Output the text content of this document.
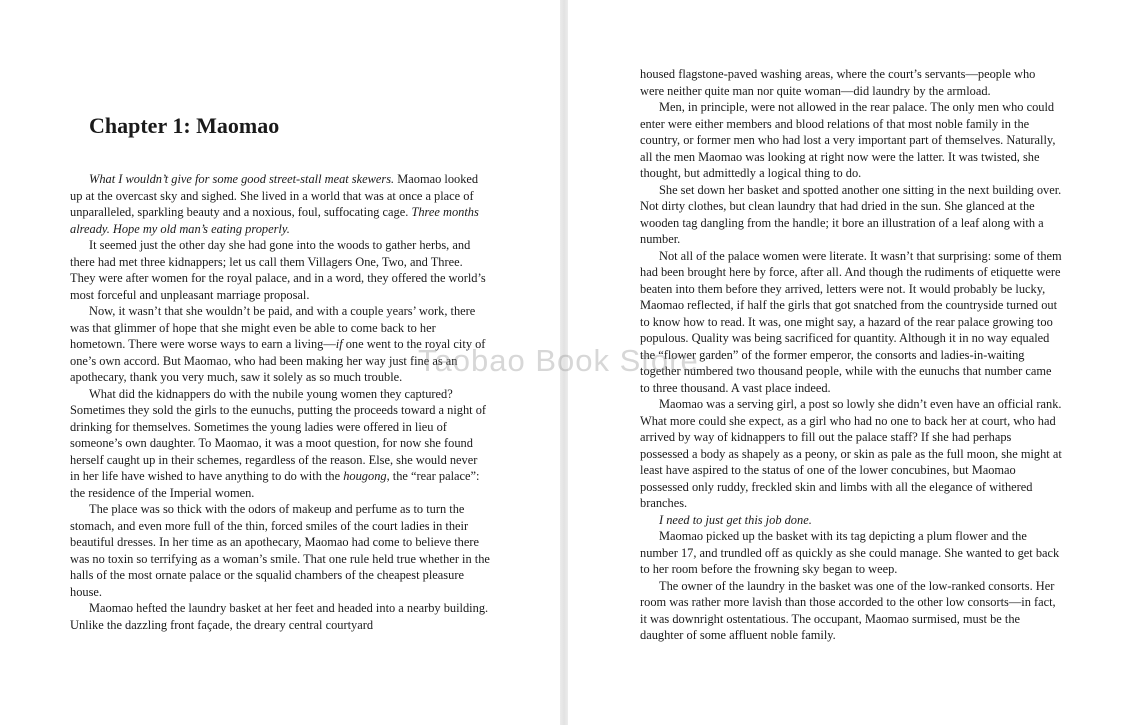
Chapter 1: Maomao

What I wouldn’t give for some good street-stall meat skewers. Maomao looked up at the overcast sky and sighed. She lived in a world that was at once a place of unparalleled, sparkling beauty and a noxious, foul, suffocating cage. Three months already. Hope my old man’s eating properly.

It seemed just the other day she had gone into the woods to gather herbs, and there had met three kidnappers; let us call them Villagers One, Two, and Three. They were after women for the royal palace, and in a word, they offered the world’s most forceful and unpleasant marriage proposal.

Now, it wasn’t that she wouldn’t be paid, and with a couple years’ work, there was that glimmer of hope that she might even be able to come back to her hometown. There were worse ways to earn a living—if one went to the royal city of one’s own accord. But Maomao, who had been making her way just fine as an apothecary, thank you very much, saw it solely as so much trouble.

What did the kidnappers do with the nubile young women they captured? Sometimes they sold the girls to the eunuchs, putting the proceeds toward a night of drinking for themselves. Sometimes the young ladies were offered in lieu of someone’s own daughter. To Maomao, it was a moot question, for now she found herself caught up in their schemes, regardless of the reason. Else, she would never in her life have wished to have anything to do with the hougong, the “rear palace”: the residence of the Imperial women.

The place was so thick with the odors of makeup and perfume as to turn the stomach, and even more full of the thin, forced smiles of the court ladies in their beautiful dresses. In her time as an apothecary, Maomao had come to believe there was no toxin so terrifying as a woman’s smile. That one rule held true whether in the halls of the most ornate palace or the squalid chambers of the cheapest pleasure house.

Maomao hefted the laundry basket at her feet and headed into a nearby building. Unlike the dazzling front façade, the dreary central courtyard

housed flagstone-paved washing areas, where the court’s servants—people who were neither quite man nor quite woman—did laundry by the armload.

Men, in principle, were not allowed in the rear palace. The only men who could enter were either members and blood relations of that most noble family in the country, or former men who had lost a very important part of themselves. Naturally, all the men Maomao was looking at right now were the latter. It was twisted, she thought, but admittedly a logical thing to do.

She set down her basket and spotted another one sitting in the next building over. Not dirty clothes, but clean laundry that had dried in the sun. She glanced at the wooden tag dangling from the handle; it bore an illustration of a leaf along with a number.

Not all of the palace women were literate. It wasn’t that surprising: some of them had been brought here by force, after all. And though the rudiments of etiquette were beaten into them before they arrived, letters were not. It would probably be lucky, Maomao reflected, if half the girls that got snatched from the countryside turned out to know how to read. It was, one might say, a hazard of the rear palace growing too populous. Quality was being sacrificed for quantity. Although it in no way equaled the “flower garden” of the former emperor, the consorts and ladies-in-waiting together numbered two thousand people, while with the eunuchs that number came to three thousand. A vast place indeed.

Maomao was a serving girl, a post so lowly she didn’t even have an official rank. What more could she expect, as a girl who had no one to back her at court, who had arrived by way of kidnappers to fill out the palace staff? If she had perhaps possessed a body as shapely as a peony, or skin as pale as the full moon, she might at least have aspired to the status of one of the lower concubines, but Maomao possessed only ruddy, freckled skin and limbs with all the elegance of withered branches.

I need to just get this job done.

Maomao picked up the basket with its tag depicting a plum flower and the number 17, and trundled off as quickly as she could manage. She wanted to get back to her room before the frowning sky began to weep.

The owner of the laundry in the basket was one of the low-ranked consorts. Her room was rather more lavish than those accorded to the other low consorts—in fact, it was downright ostentatious. The occupant, Maomao surmised, must be the daughter of some affluent noble family.

Taobao Book Store
